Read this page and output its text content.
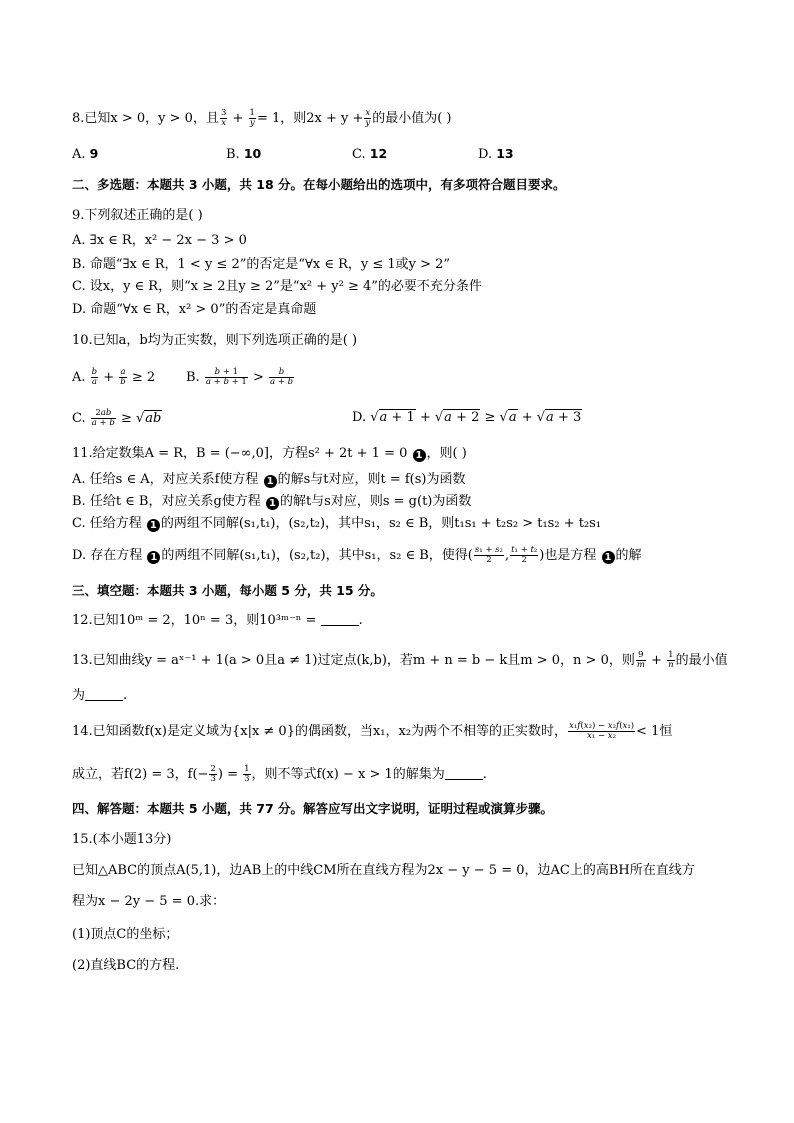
8.已知x > 0，y > 0，且 $\frac{3}{x} + \frac{1}{y} = 1$，则$2x + y + \frac{x}{y}$ 的最小值为( )
A. 9	B. 10	C. 12	D. 13
二、多选题：本题共 3 小题，共 18 分。在每小题给出的选项中，有多项符合题目要求。
9.下列叙述正确的是( )
A. ∃x ∈ R，x² − 2x − 3 > 0
B. 命题“∃x ∈ R，1 < y ≤ 2”的否定是“∀x ∈ R，y ≤ 1或y > 2”
C. 设x，y ∈ R，则“x ≥ 2且y ≥ 2”是“x² + y² ≥ 4”的必要不充分条件
D. 命题“∀x ∈ R，x² > 0”的否定是真命题
10.已知a，b均为正实数，则下列选项正确的是( )
A. $\frac{b}{a} + \frac{a}{b} \ge 2$ B. $\frac{b + 1}{a + b + 1} > \frac{b}{a + b}$
C. $\frac{2ab}{a + b} \ge √ab$	D. √a + 1 + √a + 2 ≥ √a + √a + 3
11.给定数集A = R，B = (−∞,0]，方程s² + 2t + 1 = 0 1 ，则( )
A. 任给s ∈ A，对应关系f使方程 1 的解s与t对应，则t = f(s)为函数
B. 任给t ∈ B，对应关系g使方程 1 的解t与s对应，则s = g(t)为函数
C. 任给方程 1 的两组不同解(s₁,t₁)，(s₂,t₂)，其中s₁，s₂ ∈ B，则t₁s₁ + t₂s₂ > t₁s₂ + t₂s₁
D. 存在方程 1 的两组不同解(s₁,t₁)，(s₂,t₂)，其中s₁，s₂ ∈ B，使得( $\frac{\text{s₁ + s₂}}{2}$ , $\frac{\text{t₁ + t₂}}{2}$ )也是方程 1 的解
三、填空题：本题共 3 小题，每小题 5 分，共 15 分。
12.已知10ᵐ = 2，10ⁿ = 3，则10³ᵐ⁻ⁿ =	.
13.已知曲线y = aˣ⁻¹ + 1(a > 0且a ≠ 1)过定点(k,b)，若m + n = b − k且m > 0，n > 0，则 $\frac{9}{m} + \frac{1}{n}$ 的最小值
为	.
14.已知函数f(x)是定义域为{x|x ≠ 0}的偶函数，当x₁，x₂为两个不相等的正实数时， $\frac{\text{x₁f(x₂) − x₂f(x₁)}}{\text{x₁ − x₂}} < 1$恒
成立，若f(2) = 3，$f(- \frac{2}{3}$ ) = $\frac{1}{3}$ ，则不等式f(x) − x > 1的解集为	.
四、解答题：本题共 5 小题，共 77 分。解答应写出文字说明，证明过程或演算步骤。
15.(本小题13分)
已知△ABC的顶点A(5,1)，边AB上的中线CM所在直线方程为2x − y − 5 = 0，边AC上的高BH所在直线方
程为x − 2y − 5 = 0.求：
(1)顶点C的坐标；
(2)直线BC的方程.
